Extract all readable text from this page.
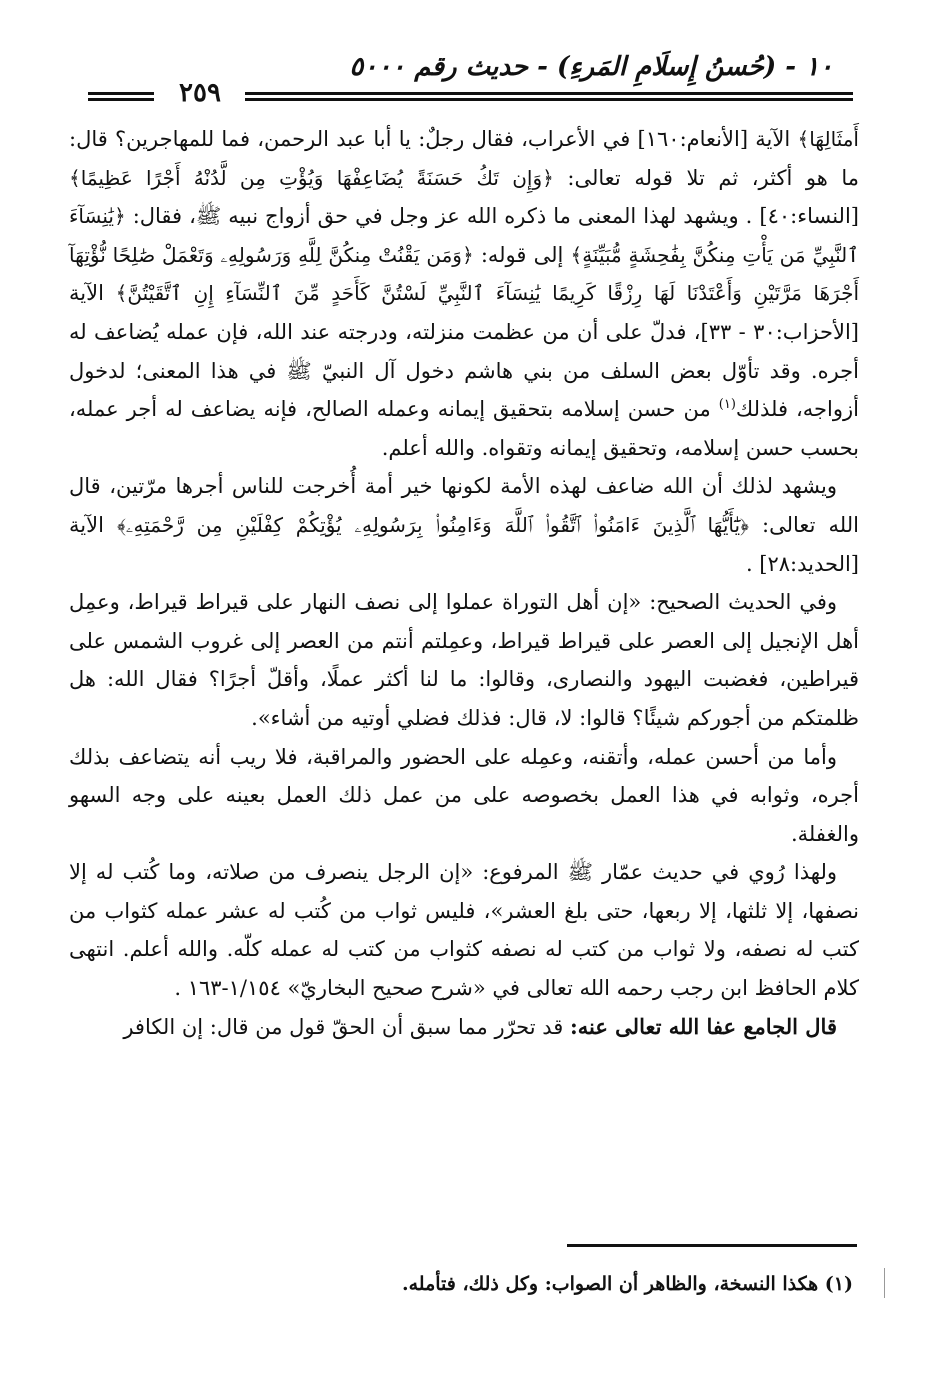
١٠ - (حُسنُ إِسلَامِ المَرءِ) - حديث رقم ٥٠٠٠
٢٥٩

أَمثَالِهَا﴾ الآية [الأنعام:١٦٠] في الأعراب، فقال رجلٌ: يا أبا عبد الرحمن، فما للمهاجرين؟ قال: ما هو أكثر، ثم تلا قوله تعالى: ﴿وَإِن تَكُ حَسَنَةً يُضَاعِفْهَا وَيُؤْتِ مِن لَّدُنْهُ أَجْرًا عَظِيمًا﴾ [النساء:٤٠] . ويشهد لهذا المعنى ما ذكره الله عز وجل في حق أزواج نبيه ﷺ، فقال: ﴿يَٰنِسَآءَ ٱلنَّبِيِّ مَن يَأْتِ مِنكُنَّ بِفَٰحِشَةٍ مُّبَيِّنَةٍ﴾ إلى قوله: ﴿وَمَن يَقْنُتْ مِنكُنَّ لِلَّهِ وَرَسُولِهِۦ وَتَعْمَلْ صَٰلِحًا نُّؤْتِهَآ أَجْرَهَا مَرَّتَيْنِ وَأَعْتَدْنَا لَهَا رِزْقًا كَرِيمًا يَٰنِسَآءَ ٱلنَّبِيِّ لَسْتُنَّ كَأَحَدٍ مِّنَ ٱلنِّسَآءِ إِنِ ٱتَّقَيْتُنَّ﴾ الآية [الأحزاب:٣٠ - ٣٣]، فدلّ على أن من عظمت منزلته، ودرجته عند الله، فإن عمله يُضاعف له أجره. وقد تأوّل بعض السلف من بني هاشم دخول آل النبيّ ﷺ في هذا المعنى؛ لدخول أزواجه، فلذلك$^{(١)}$ من حسن إسلامه بتحقيق إيمانه وعمله الصالح، فإنه يضاعف له أجر عمله، بحسب حسن إسلامه، وتحقيق إيمانه وتقواه. والله أعلم.

ويشهد لذلك أن الله ضاعف لهذه الأمة لكونها خير أمة أُخرجت للناس أجرها مرّتين، قال الله تعالى: ﴿يَٰٓأَيُّهَا ٱلَّذِينَ ءَامَنُوا۟ ٱتَّقُوا۟ ٱللَّهَ وَءَامِنُوا۟ بِرَسُولِهِۦ يُؤْتِكُمْ كِفْلَيْنِ مِن رَّحْمَتِهِۦ﴾ الآية [الحديد:٢٨] .

وفي الحديث الصحيح: «إن أهل التوراة عملوا إلى نصف النهار على قيراط قيراط، وعمِل أهل الإنجيل إلى العصر على قيراط قيراط، وعمِلتم أنتم من العصر إلى غروب الشمس على قيراطين، فغضبت اليهود والنصارى، وقالوا: ما لنا أكثر عملًا، وأقلّ أجرًا؟ فقال الله: هل ظلمتكم من أجوركم شيئًا؟ قالوا: لا، قال: فذلك فضلي أوتيه من أشاء».

وأما من أحسن عمله، وأتقنه، وعمِله على الحضور والمراقبة، فلا ريب أنه يتضاعف بذلك أجره، وثوابه في هذا العمل بخصوصه على من عمل ذلك العمل بعينه على وجه السهو والغفلة.

ولهذا رُوي في حديث عمّار ﷺ المرفوع: «إن الرجل ينصرف من صلاته، وما كُتب له إلا نصفها، إلا ثلثها، إلا ربعها، حتى بلغ العشر»، فليس ثواب من كُتب له عشر عمله كثواب من كتب له نصفه، ولا ثواب من كتب له نصفه كثواب من كتب له عمله كلّه. والله أعلم. انتهى كلام الحافظ ابن رجب رحمه الله تعالى في «شرح صحيح البخاريّ» ١/١٥٤-١٦٣ .

قال الجامع عفا الله تعالى عنه: قد تحرّر مما سبق أن الحقّ قول من قال: إن الكافر

(١) هكذا النسخة، والظاهر أن الصواب: وكل ذلك، فتأمله.
